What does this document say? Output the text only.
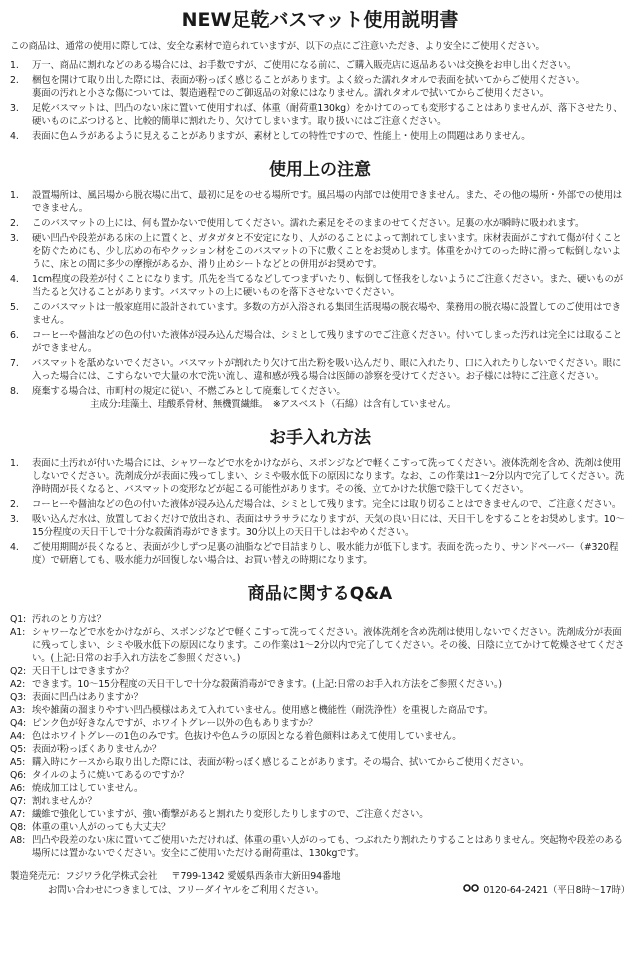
NEW足乾バスマット使用説明書
この商品は、通常の使用に際しては、安全な素材で造られていますが、以下の点にご注意いただき、より安全にご使用ください。
1.	万一、商品に割れなどのある場合には、お手数ですが、ご使用になる前に、ご購入販売店に返品あるいは交換をお申し出ください。

2.	梱包を開けて取り出した際には、表面が粉っぽく感じることがあります。よく絞った濡れタオルで表面を拭いてからご使用ください。

裏面の汚れと小さな傷については、製造過程でのご御返品の対象にはなりません。濡れタオルで拭いてからご使用ください。

3.	足乾バスマットは、凹凸のない床に置いて使用すれば、体重（耐荷重130kg）をかけてのっても変形することはありませんが、落下させたり、硬いものにぶつけると、比較的簡単に割れたり、欠けてしまいます。取り扱いにはご注意ください。

4.	表面に色ムラがあるように見えることがありますが、素材としての特性ですので、性能上・使用上の問題はありません。

使用上の注意
1.	設置場所は、風呂場から脱衣場に出て、最初に足をのせる場所です。風呂場の内部では使用できません。また、その他の場所・外部での使用はできません。
2.	このバスマットの上には、何も置かないで使用してください。濡れた素足をそのままのせてください。足裏の水が瞬時に吸われます。
3.	硬い凹凸や段差がある床の上に置くと、ガタガタと不安定になり、人がのることによって割れてしまいます。床材表面がこすれて傷が付くことを防ぐためにも、少し広めの布やクッション材をこのバスマットの下に敷くことをお奨めします。体重をかけてのった時に滑って転倒しないように、床との間に多少の摩擦があるか、滑り止めシートなどとの併用がお奨めです。
4.	1cm程度の段差が付くことになります。爪先を当てるなどしてつまずいたり、転倒して怪我をしないようにご注意ください。また、硬いものが当たると欠けることがあります。バスマットの上に硬いものを落下させないでください。
5.	このバスマットは一般家庭用に設計されています。多数の方が入浴される集団生活現場の脱衣場や、業務用の脱衣場に設置してのご使用はできません。
6.	コーヒーや醤油などの色の付いた液体が浸み込んだ場合は、シミとして残りますのでご注意ください。付いてしまった汚れは完全には取ることができません。
7.	バスマットを舐めないでください。バスマットが割れたり欠けて出た粉を吸い込んだり、眼に入れたり、口に入れたりしないでください。眼に入った場合には、こすらないで大量の水で洗い流し、違和感が残る場合は医師の診察を受けてください。お子様には特にご注意ください。
8.	廃棄する場合は、市町村の規定に従い、不燃ごみとして廃棄してください。

主成分:珪藻土、珪酸系骨材、無機質繊維。　※アスベスト（石綿）は含有していません。

お手入れ方法
1.	表面に土汚れが付いた場合には、シャワーなどで水をかけながら、スポンジなどで軽くこすって洗ってください。液体洗剤を含め、洗剤は使用しないでください。洗剤成分が表面に残ってしまい、シミや吸水低下の原因になります。なお、この作業は1〜2分以内で完了してください。洗浄時間が長くなると、バスマットの変形などが起こる可能性があります。その後、立てかけた状態で陰干してください。
2.	コーヒーや醤油などの色の付いた液体が浸み込んだ場合は、シミとして残ります。完全には取り切ることはできませんので、ご注意ください。
3.	吸い込んだ水は、放置しておくだけで放出され、表面はサラサラになりますが、天気の良い日には、天日干しをすることをお奨めします。10〜15分程度の天日干しで十分な殺菌消毒ができます。30分以上の天日干しはおやめください。
4.	ご使用期間が長くなると、表面が少しずつ足裏の油脂などで目詰まりし、吸水能力が低下します。表面を洗ったり、サンドペーパー（#320程度）で研磨しても、吸水能力が回復しない場合は、お買い替えの時期になります。
商品に関するQ&A
Q1: 汚れのとり方は？
A1: シャワーなどで水をかけながら、スポンジなどで軽くこすって洗ってください。液体洗剤を含め洗剤は使用しないでください。洗剤成分が表面に残ってしまい、シミや吸水低下の原因になります。この作業は1〜2分以内で完了してください。その後、日陰に立てかけて乾燥させてください。(上記:日常のお手入れ方法をご参照ください。)
Q2: 天日干しはできますか？
A2: できます。10〜15分程度の天日干しで十分な殺菌消毒ができます。(上記:日常のお手入れ方法をご参照ください。)
Q3: 表面に凹凸はありますか？
A3: 埃や雑菌の溜まりやすい凹凸模様はあえて入れていません。使用感と機能性（耐洗浄性）を重視した商品です。
Q4: ピンク色が好きなんですが、ホワイトグレー以外の色もありますか？
A4: 色はホワイトグレーの1色のみです。色抜けや色ムラの原因となる着色顔料はあえて使用していません。
Q5: 表面が粉っぽくありませんか？
A5: 購入時にケースから取り出した際には、表面が粉っぽく感じることがあります。その場合、拭いてからご使用ください。
Q6: タイルのように焼いてあるのですか？
A6: 焼成加工はしていません。
Q7: 割れませんか？
A7: 繊維で強化していますが、強い衝撃があると割れたり変形したりしますので、ご注意ください。
Q8: 体重の重い人がのっても大丈夫？
A8: 凹凸や段差のない床に置いてご使用いただければ、体重の重い人がのっても、つぶれたり割れたりすることはありません。突起物や段差のある場所には置かないでください。安全にご使用いただける耐荷重は、130kgです。
製造発売元：フジワラ化学株式会社 〒799-1342 愛媛県西条市大新田94番地
お問い合わせにつきましては、フリーダイヤルをご利用ください。	0120-64-2421（平日8時〜17時）
